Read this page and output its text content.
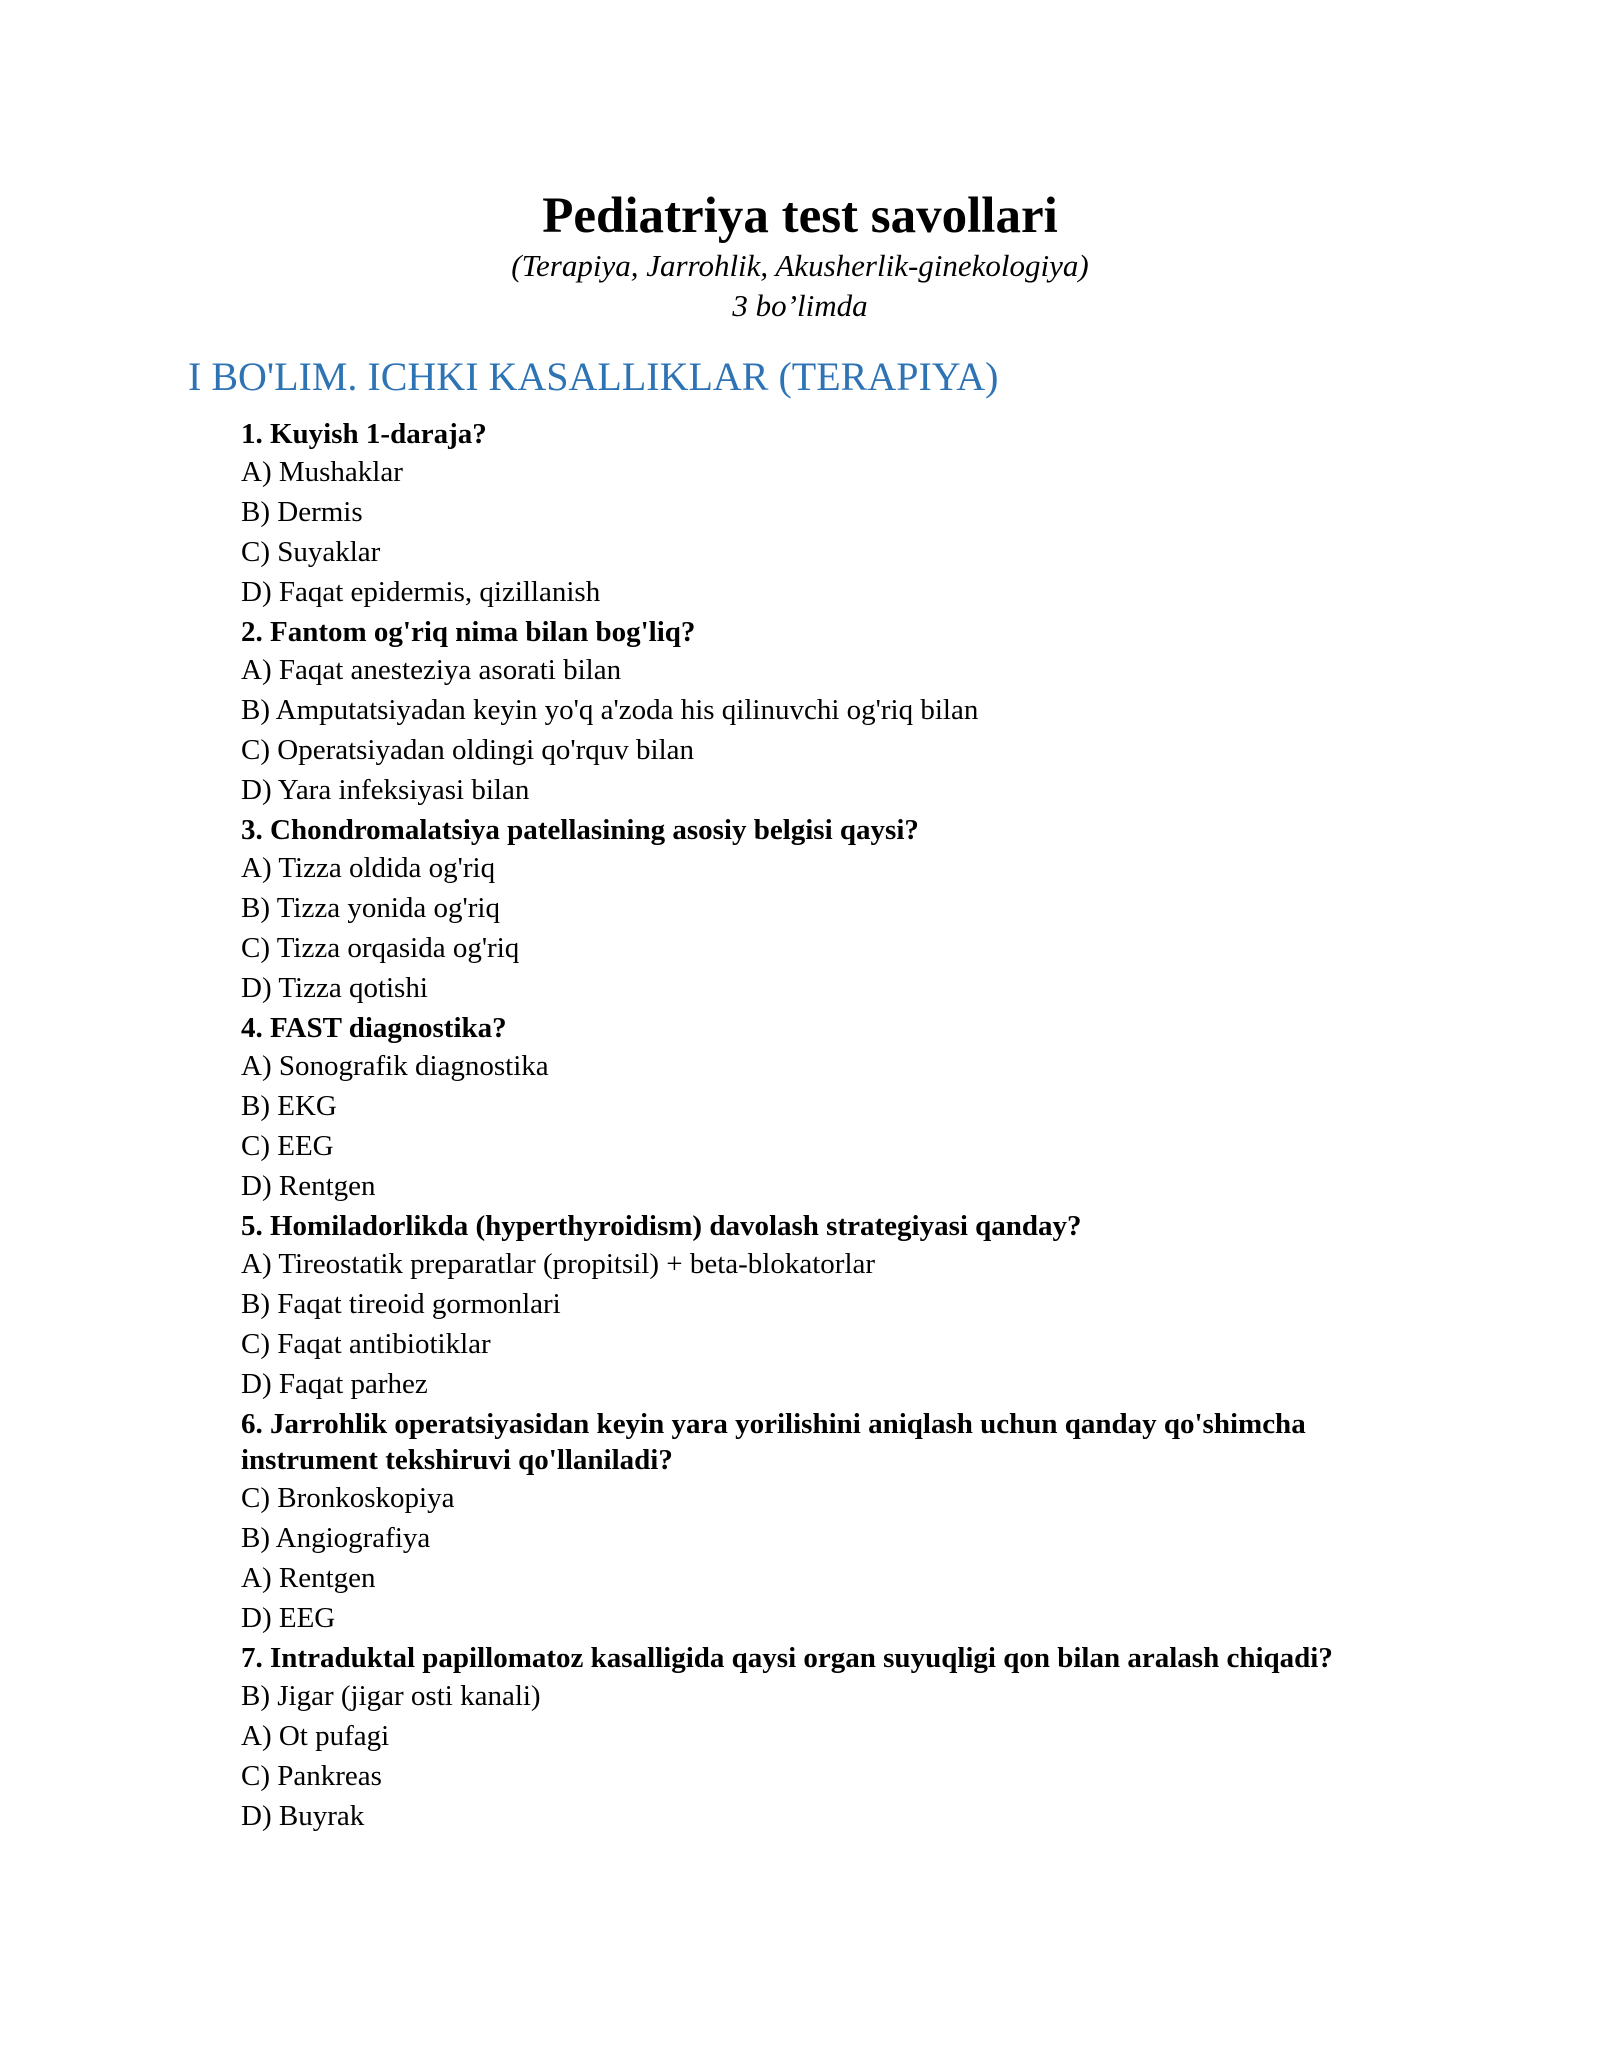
Pediatriya test savollari

(Terapiya, Jarrohlik, Akusherlik-ginekologiya)

3 bo’limda

I BO'LIM. ICHKI KASALLIKLAR (TERAPIYA)

1. Kuyish 1-daraja?

A) Mushaklar

B) Dermis

C) Suyaklar

D) Faqat epidermis, qizillanish

2. Fantom og'riq nima bilan bog'liq?

A) Faqat anesteziya asorati bilan

B) Amputatsiyadan keyin yo'q a'zoda his qilinuvchi og'riq bilan

C) Operatsiyadan oldingi qo'rquv bilan

D) Yara infeksiyasi bilan

3. Chondromalatsiya patellasining asosiy belgisi qaysi?

A) Tizza oldida og'riq

B) Tizza yonida og'riq

C) Tizza orqasida og'riq

D) Tizza qotishi

4. FAST diagnostika?

A) Sonografik diagnostika

B) EKG

C) EEG

D) Rentgen

5. Homiladorlikda (hyperthyroidism) davolash strategiyasi qanday?

A) Tireostatik preparatlar (propitsil) + beta-blokatorlar

B) Faqat tireoid gormonlari

C) Faqat antibiotiklar

D) Faqat parhez

6. Jarrohlik operatsiyasidan keyin yara yorilishini aniqlash uchun qanday qo'shimcha instrument tekshiruvi qo'llaniladi?

C) Bronkoskopiya

B) Angiografiya

A) Rentgen

D) EEG

7. Intraduktal papillomatoz kasalligida qaysi organ suyuqligi qon bilan aralash chiqadi?

B) Jigar (jigar osti kanali)

A) Ot pufagi

C) Pankreas

D) Buyrak
